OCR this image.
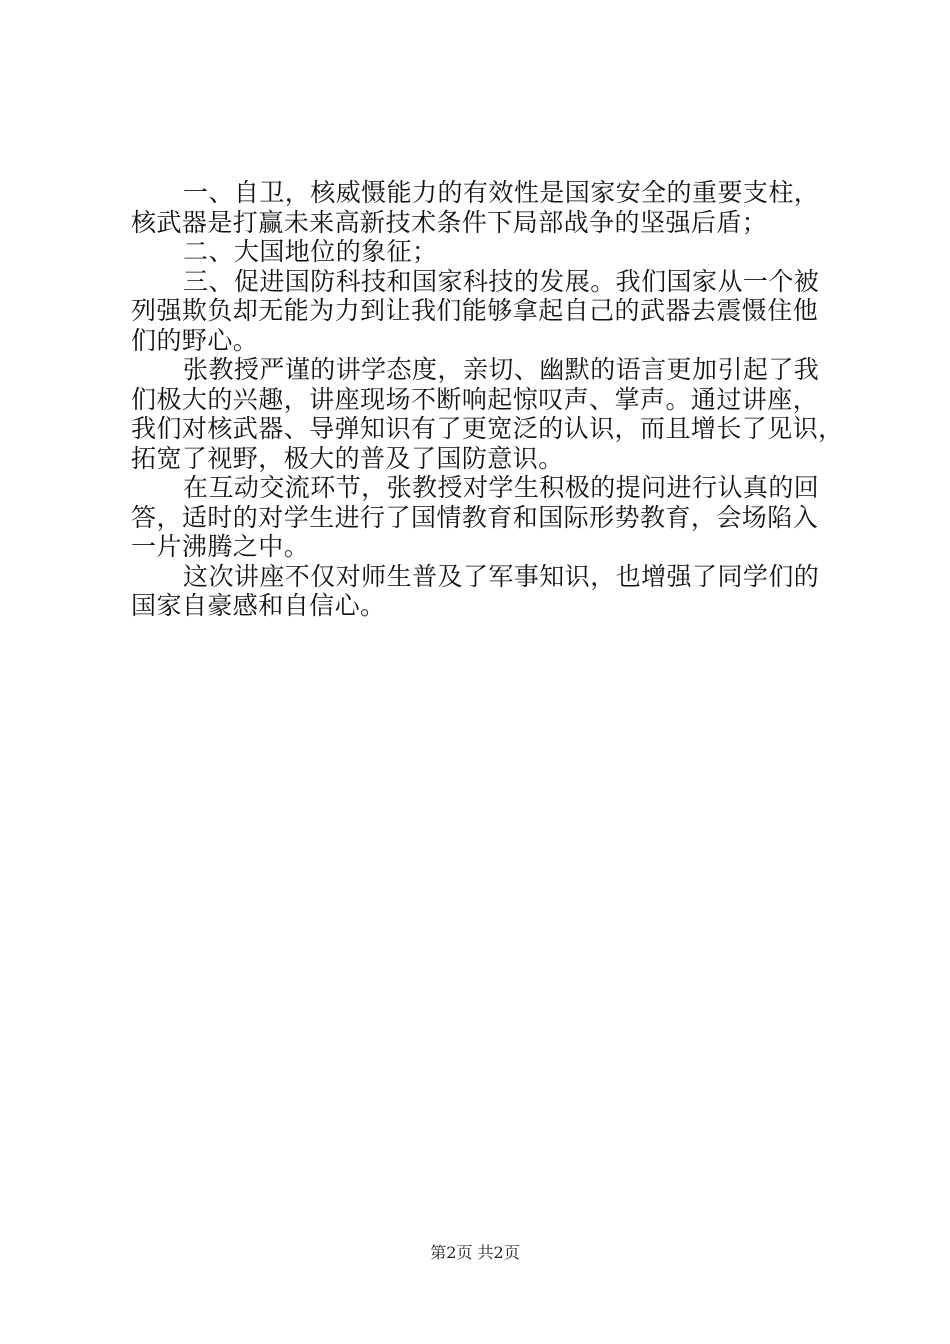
一、自卫，核威慑能力的有效性是国家安全的重要支柱，
核武器是打赢未来高新技术条件下局部战争的坚强后盾；
二、大国地位的象征；
三、促进国防科技和国家科技的发展。我们国家从一个被
列强欺负却无能为力到让我们能够拿起自己的武器去震慑住他
们的野心。
张教授严谨的讲学态度，亲切、幽默的语言更加引起了我
们极大的兴趣，讲座现场不断响起惊叹声、掌声。通过讲座，
我们对核武器、导弹知识有了更宽泛的认识，而且增长了见识，
拓宽了视野，极大的普及了国防意识。
在互动交流环节，张教授对学生积极的提问进行认真的回
答，适时的对学生进行了国情教育和国际形势教育，会场陷入
一片沸腾之中。
这次讲座不仅对师生普及了军事知识，也增强了同学们的
国家自豪感和自信心。
第2页 共2页
